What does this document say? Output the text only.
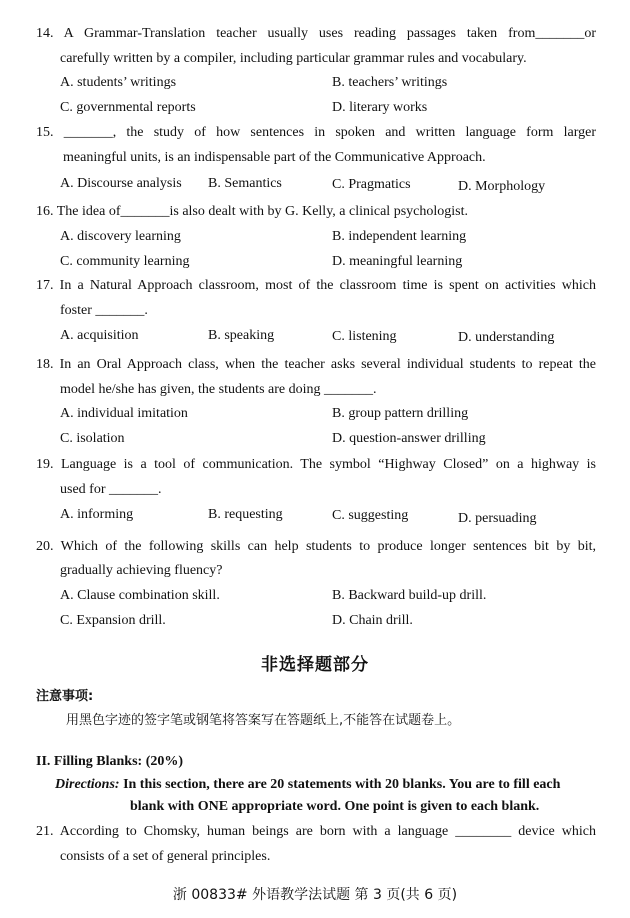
14. A Grammar-Translation teacher usually uses reading passages taken from_______or
carefully written by a compiler, including particular grammar rules and vocabulary.
A. students’ writings	B. teachers’ writings
C. governmental reports	D. literary works
15. _______, the study of how sentences in spoken and written language form larger
meaningful units, is an indispensable part of the Communicative Approach.
A. Discourse analysis B. Semantics	C. Pragmatics	D. Morphology
16. The idea of_______is also dealt with by G. Kelly, a clinical psychologist.
A. discovery learning	B. independent learning
C. community learning	D. meaningful learning
17. In a Natural Approach classroom, most of the classroom time is spent on activities which
foster _______.
A. acquisition	B. speaking	C. listening	D. understanding
18. In an Oral Approach class, when the teacher asks several individual students to repeat the
model he/she has given, the students are doing _______.
A. individual imitation	B. group pattern drilling
C. isolation	D. question-answer drilling
19. Language is a tool of communication. The symbol “Highway Closed” on a highway is
used for _______.
A. informing	B. requesting	C. suggesting	D. persuading
20. Which of the following skills can help students to produce longer sentences bit by bit,
gradually achieving fluency?
A. Clause combination skill.	B. Backward build-up drill.
C. Expansion drill.	D. Chain drill.
非选择题部分
注意事项:
用黑色字迹的签字笔或钢笔将答案写在答题纸上,不能答在试题卷上。
II. Filling Blanks: (20%)
Directions: In this section, there are 20 statements with 20 blanks. You are to fill each
blank with ONE appropriate word. One point is given to each blank.
21. According to Chomsky, human beings are born with a language ________ device which
consists of a set of general principles.
浙 00833# 外语教学法试题 第 3 页(共 6 页)
